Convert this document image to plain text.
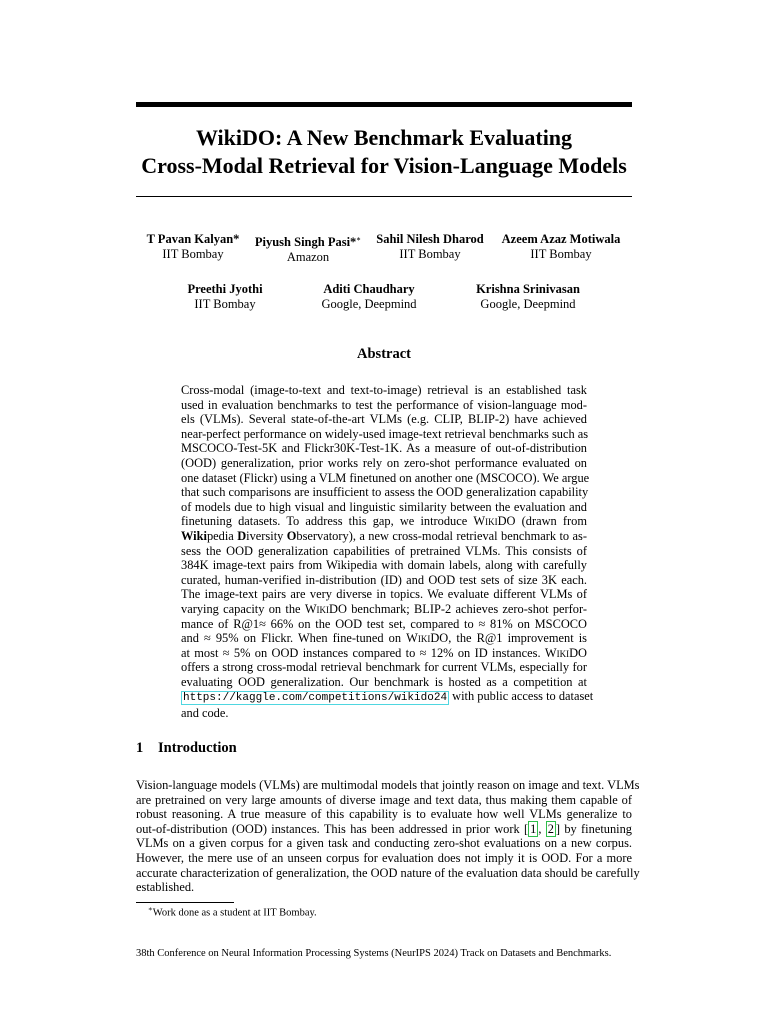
WikiDO: A New Benchmark Evaluating
Cross-Modal Retrieval for Vision-Language Models
T Pavan Kalyan*
IIT Bombay
Piyush Singh Pasi*∗
Amazon
Sahil Nilesh Dharod
IIT Bombay
Azeem Azaz Motiwala
IIT Bombay
Preethi Jyothi
IIT Bombay
Aditi Chaudhary
Google, Deepmind
Krishna Srinivasan
Google, Deepmind
Abstract
Cross-modal (image-to-text and text-to-image) retrieval is an established task
used in evaluation benchmarks to test the performance of vision-language mod-
els (VLMs). Several state-of-the-art VLMs (e.g. CLIP, BLIP-2) have achieved
near-perfect performance on widely-used image-text retrieval benchmarks such as
MSCOCO-Test-5K and Flickr30K-Test-1K. As a measure of out-of-distribution
(OOD) generalization, prior works rely on zero-shot performance evaluated on
one dataset (Flickr) using a VLM finetuned on another one (MSCOCO). We argue
that such comparisons are insufficient to assess the OOD generalization capability
of models due to high visual and linguistic similarity between the evaluation and
finetuning datasets. To address this gap, we introduce WikiDO (drawn from
Wikipedia Diversity Observatory), a new cross-modal retrieval benchmark to as-
sess the OOD generalization capabilities of pretrained VLMs. This consists of
384K image-text pairs from Wikipedia with domain labels, along with carefully
curated, human-verified in-distribution (ID) and OOD test sets of size 3K each.
The image-text pairs are very diverse in topics. We evaluate different VLMs of
varying capacity on the WikiDO benchmark; BLIP-2 achieves zero-shot perfor-
mance of R@1≈ 66% on the OOD test set, compared to ≈ 81% on MSCOCO
and ≈ 95% on Flickr. When fine-tuned on WikiDO, the R@1 improvement is
at most ≈ 5% on OOD instances compared to ≈ 12% on ID instances. WikiDO
offers a strong cross-modal retrieval benchmark for current VLMs, especially for
evaluating OOD generalization. Our benchmark is hosted as a competition at
https://kaggle.com/competitions/wikido24 with public access to dataset
and code.
1 Introduction
Vision-language models (VLMs) are multimodal models that jointly reason on image and text. VLMs
are pretrained on very large amounts of diverse image and text data, thus making them capable of
robust reasoning. A true measure of this capability is to evaluate how well VLMs generalize to
out-of-distribution (OOD) instances. This has been addressed in prior work [ 1 , 2 ] by finetuning
VLMs on a given corpus for a given task and conducting zero-shot evaluations on a new corpus.
However, the mere use of an unseen corpus for evaluation does not imply it is OOD. For a more
accurate characterization of generalization, the OOD nature of the evaluation data should be carefully
established.
∗Work done as a student at IIT Bombay.
38th Conference on Neural Information Processing Systems (NeurIPS 2024) Track on Datasets and Benchmarks.
